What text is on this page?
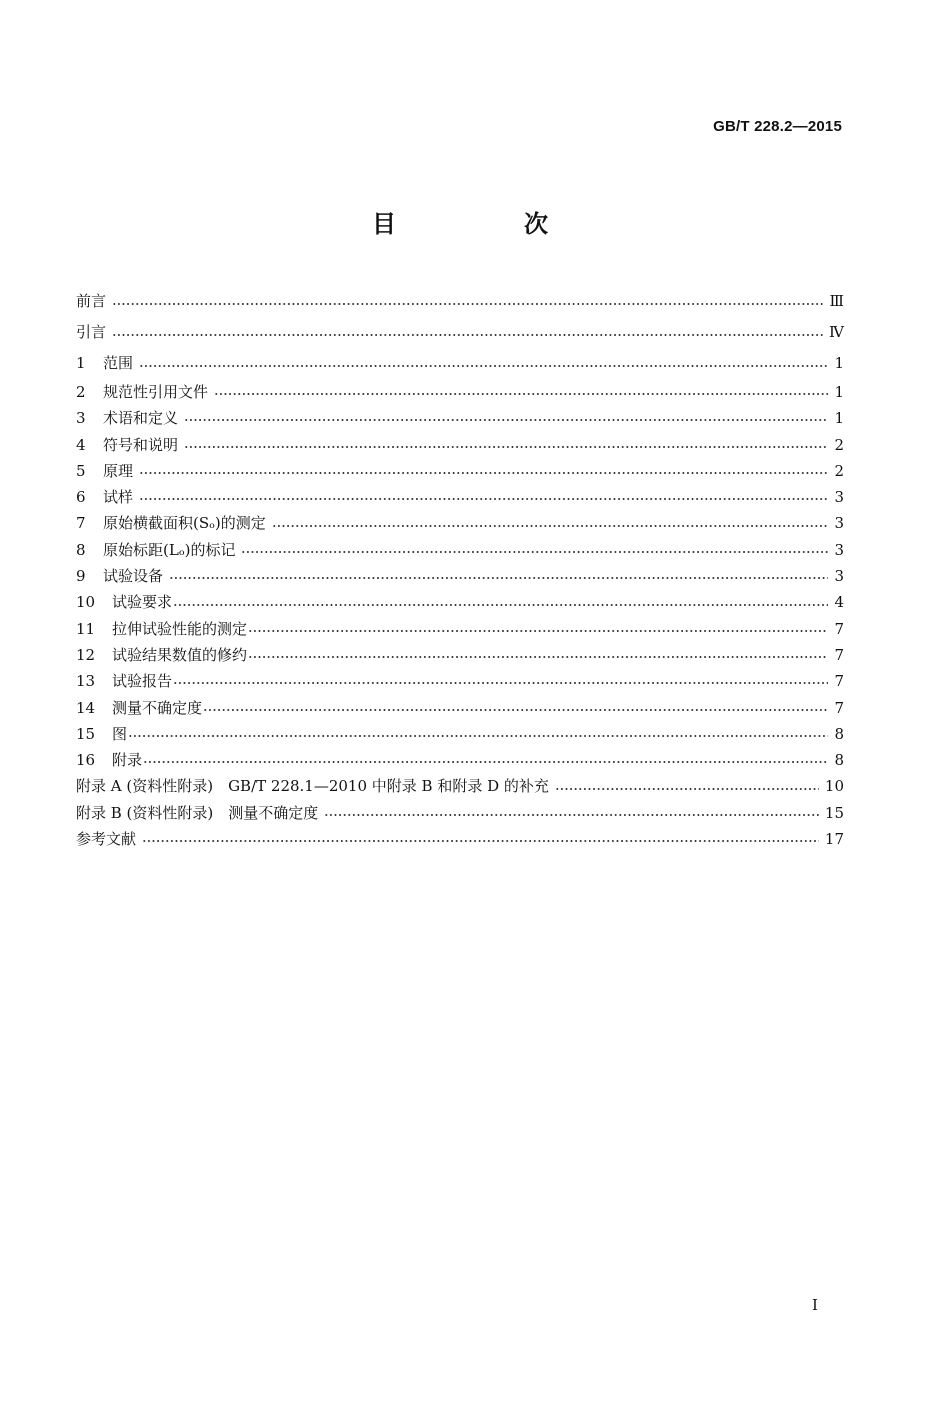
GB/T 228.2—2015
目　次
前言	Ⅲ
引言	Ⅳ
1	范围	1
2	规范性引用文件	1
3	术语和定义	1
4	符号和说明	2
5	原理	2
6	试样	3
7	原始横截面积(Sₒ)的测定	3
8	原始标距(Lₒ)的标记	3
9	试验设备	3
10	试验要求	4
11	拉伸试验性能的测定	7
12	试验结果数值的修约	7
13	试验报告	7
14	测量不确定度	7
15	图	8
16	附录	8
附录 A (资料性附录)　GB/T 228.1—2010 中附录 B 和附录 D 的补充	10
附录 B (资料性附录)　测量不确定度	15
参考文献	17
I
